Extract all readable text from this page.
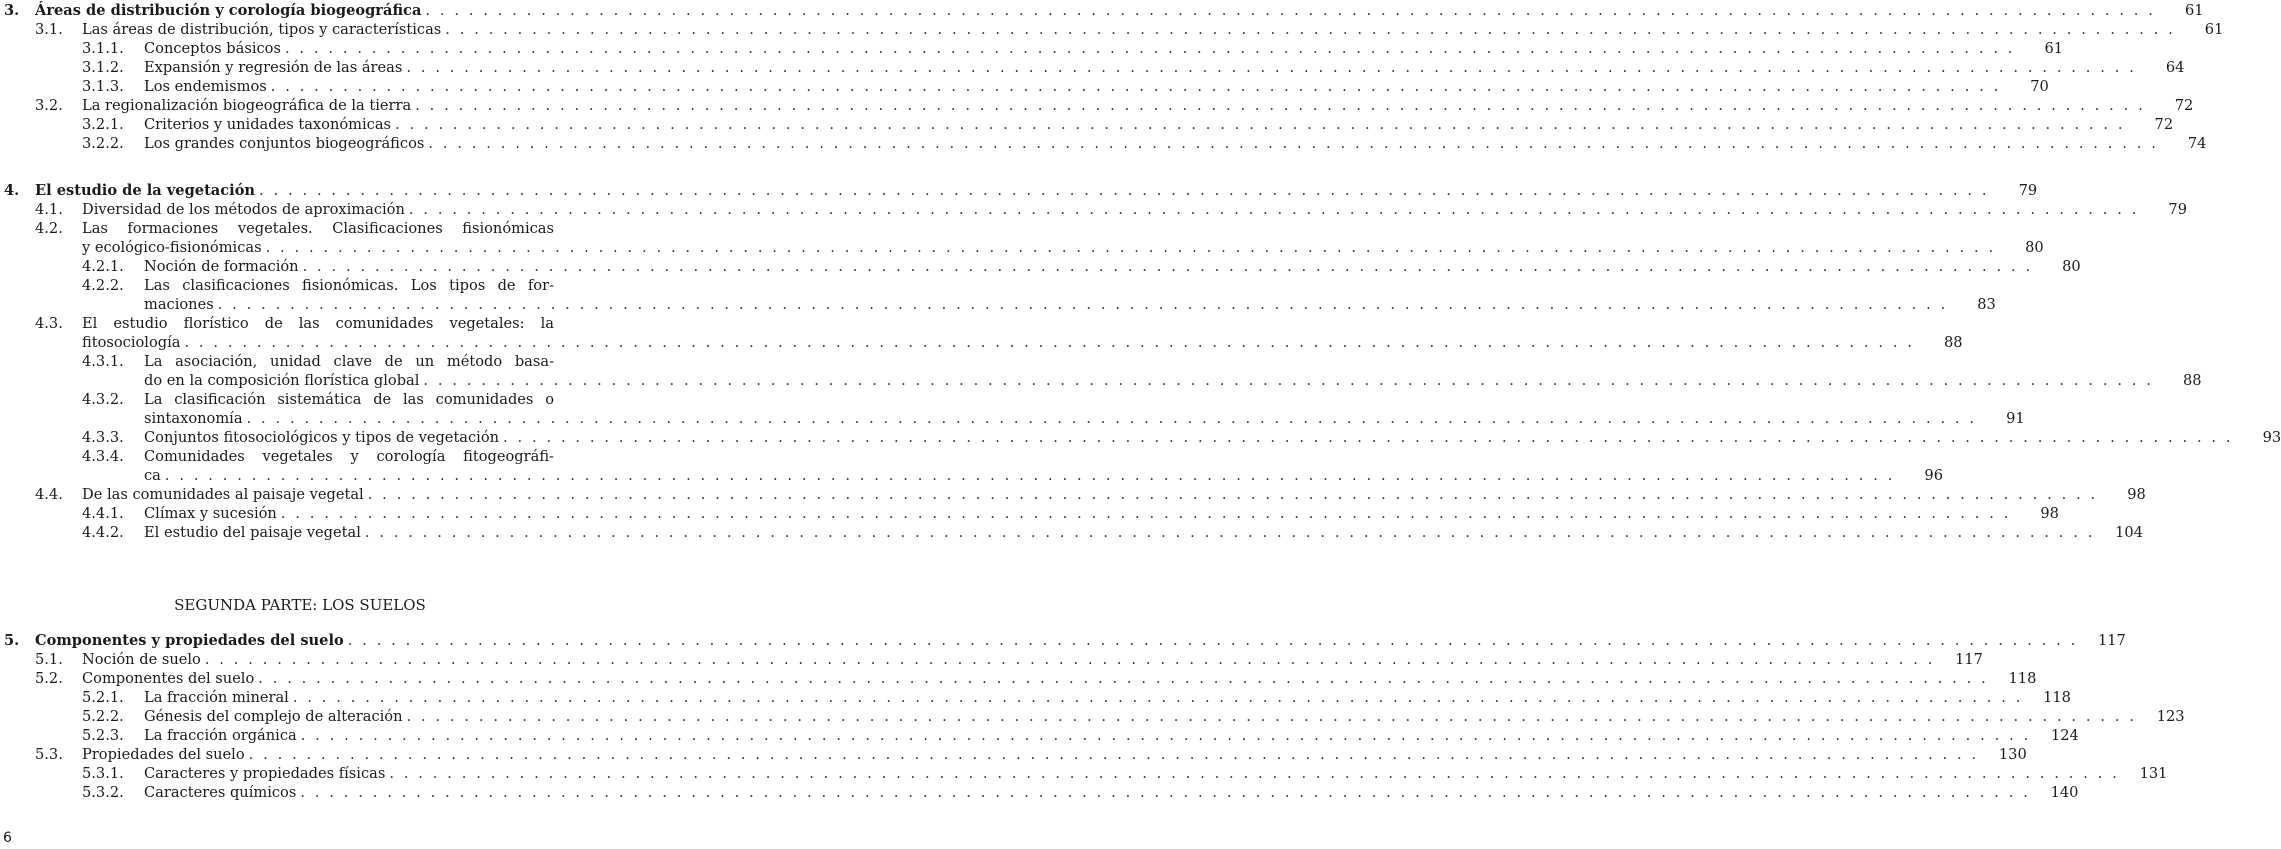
3. Áreas de distribución y corología biogeográfica . . . . . . . . . . . . . . . . . . . . . . . . . . . . . . . . . . . . . . . . . . . . . . . . . . . . . . . . . . . . . . . . . . . . . . . . . . . . . . . . . . . . . . . . . . . . . . . . . . . . . . . . . . . . . . . . . . . . . . . .	61
3.1. Las áreas de distribución, tipos y características . . . . . . . . . . . . . . . . . . . . . . . . . . . . . . . . . . . . . . . . . . . . . . . . . . . . . . . . . . . . . . . . . . . . . . . . . . . . . . . . . . . . . . . . . . . . . . . . . . . . . . . . . . . . . . . . . . . . . . . .	61
3.1.1. Conceptos básicos . . . . . . . . . . . . . . . . . . . . . . . . . . . . . . . . . . . . . . . . . . . . . . . . . . . . . . . . . . . . . . . . . . . . . . . . . . . . . . . . . . . . . . . . . . . . . . . . . . . . . . . . . . . . . . . . . . . . . . . .	61
3.1.2. Expansión y regresión de las áreas . . . . . . . . . . . . . . . . . . . . . . . . . . . . . . . . . . . . . . . . . . . . . . . . . . . . . . . . . . . . . . . . . . . . . . . . . . . . . . . . . . . . . . . . . . . . . . . . . . . . . . . . . . . . . . . . . . . . . . . .	64
3.1.3. Los endemismos . . . . . . . . . . . . . . . . . . . . . . . . . . . . . . . . . . . . . . . . . . . . . . . . . . . . . . . . . . . . . . . . . . . . . . . . . . . . . . . . . . . . . . . . . . . . . . . . . . . . . . . . . . . . . . . . . . . . . . . .	70
3.2. La regionalización biogeográfica de la tierra . . . . . . . . . . . . . . . . . . . . . . . . . . . . . . . . . . . . . . . . . . . . . . . . . . . . . . . . . . . . . . . . . . . . . . . . . . . . . . . . . . . . . . . . . . . . . . . . . . . . . . . . . . . . . . . . . . . . . . . .	72
3.2.1. Criterios y unidades taxonómicas . . . . . . . . . . . . . . . . . . . . . . . . . . . . . . . . . . . . . . . . . . . . . . . . . . . . . . . . . . . . . . . . . . . . . . . . . . . . . . . . . . . . . . . . . . . . . . . . . . . . . . . . . . . . . . . . . . . . . . . .	72
3.2.2. Los grandes conjuntos biogeográficos . . . . . . . . . . . . . . . . . . . . . . . . . . . . . . . . . . . . . . . . . . . . . . . . . . . . . . . . . . . . . . . . . . . . . . . . . . . . . . . . . . . . . . . . . . . . . . . . . . . . . . . . . . . . . . . . . . . . . . . .	74
4. El estudio de la vegetación . . . . . . . . . . . . . . . . . . . . . . . . . . . . . . . . . . . . . . . . . . . . . . . . . . . . . . . . . . . . . . . . . . . . . . . . . . . . . . . . . . . . . . . . . . . . . . . . . . . . . . . . . . . . . . . . . . . . . . . .	79
4.1. Diversidad de los métodos de aproximación . . . . . . . . . . . . . . . . . . . . . . . . . . . . . . . . . . . . . . . . . . . . . . . . . . . . . . . . . . . . . . . . . . . . . . . . . . . . . . . . . . . . . . . . . . . . . . . . . . . . . . . . . . . . . . . . . . . . . . . .	79
4.2. Las formaciones vegetales. Clasificaciones fisionómicas
y ecológico-fisionómicas . . . . . . . . . . . . . . . . . . . . . . . . . . . . . . . . . . . . . . . . . . . . . . . . . . . . . . . . . . . . . . . . . . . . . . . . . . . . . . . . . . . . . . . . . . . . . . . . . . . . . . . . . . . . . . . . . . . . . . . .	80
4.2.1. Noción de formación . . . . . . . . . . . . . . . . . . . . . . . . . . . . . . . . . . . . . . . . . . . . . . . . . . . . . . . . . . . . . . . . . . . . . . . . . . . . . . . . . . . . . . . . . . . . . . . . . . . . . . . . . . . . . . . . . . . . . . . .	80
4.2.2. Las clasificaciones fisionómicas. Los tipos de for-
maciones . . . . . . . . . . . . . . . . . . . . . . . . . . . . . . . . . . . . . . . . . . . . . . . . . . . . . . . . . . . . . . . . . . . . . . . . . . . . . . . . . . . . . . . . . . . . . . . . . . . . . . . . . . . . . . . . . . . . . . . .	83
4.3. El estudio florístico de las comunidades vegetales: la
fitosociología . . . . . . . . . . . . . . . . . . . . . . . . . . . . . . . . . . . . . . . . . . . . . . . . . . . . . . . . . . . . . . . . . . . . . . . . . . . . . . . . . . . . . . . . . . . . . . . . . . . . . . . . . . . . . . . . . . . . . . . .	88
4.3.1. La asociación, unidad clave de un método basa-
do en la composición florística global . . . . . . . . . . . . . . . . . . . . . . . . . . . . . . . . . . . . . . . . . . . . . . . . . . . . . . . . . . . . . . . . . . . . . . . . . . . . . . . . . . . . . . . . . . . . . . . . . . . . . . . . . . . . . . . . . . . . . . . .	88
4.3.2. La clasificación sistemática de las comunidades o
sintaxonomía . . . . . . . . . . . . . . . . . . . . . . . . . . . . . . . . . . . . . . . . . . . . . . . . . . . . . . . . . . . . . . . . . . . . . . . . . . . . . . . . . . . . . . . . . . . . . . . . . . . . . . . . . . . . . . . . . . . . . . . .	91
4.3.3. Conjuntos fitosociológicos y tipos de vegetación . . . . . . . . . . . . . . . . . . . . . . . . . . . . . . . . . . . . . . . . . . . . . . . . . . . . . . . . . . . . . . . . . . . . . . . . . . . . . . . . . . . . . . . . . . . . . . . . . . . . . . . . . . . . . . . . . . . . . . . .	93
4.3.4. Comunidades vegetales y corología fitogeográfi-
ca . . . . . . . . . . . . . . . . . . . . . . . . . . . . . . . . . . . . . . . . . . . . . . . . . . . . . . . . . . . . . . . . . . . . . . . . . . . . . . . . . . . . . . . . . . . . . . . . . . . . . . . . . . . . . . . . . . . . . . . .	96
4.4. De las comunidades al paisaje vegetal . . . . . . . . . . . . . . . . . . . . . . . . . . . . . . . . . . . . . . . . . . . . . . . . . . . . . . . . . . . . . . . . . . . . . . . . . . . . . . . . . . . . . . . . . . . . . . . . . . . . . . . . . . . . . . . . . . . . . . . .	98
4.4.1. Clímax y sucesión . . . . . . . . . . . . . . . . . . . . . . . . . . . . . . . . . . . . . . . . . . . . . . . . . . . . . . . . . . . . . . . . . . . . . . . . . . . . . . . . . . . . . . . . . . . . . . . . . . . . . . . . . . . . . . . . . . . . . . . .	98
4.4.2. El estudio del paisaje vegetal . . . . . . . . . . . . . . . . . . . . . . . . . . . . . . . . . . . . . . . . . . . . . . . . . . . . . . . . . . . . . . . . . . . . . . . . . . . . . . . . . . . . . . . . . . . . . . . . . . . . . . . . . . . . . . . . . . . . . . . .	104
5. Componentes y propiedades del suelo . . . . . . . . . . . . . . . . . . . . . . . . . . . . . . . . . . . . . . . . . . . . . . . . . . . . . . . . . . . . . . . . . . . . . . . . . . . . . . . . . . . . . . . . . . . . . . . . . . . . . . . . . . . . . . . . . . . . . . . .	117
5.1. Noción de suelo . . . . . . . . . . . . . . . . . . . . . . . . . . . . . . . . . . . . . . . . . . . . . . . . . . . . . . . . . . . . . . . . . . . . . . . . . . . . . . . . . . . . . . . . . . . . . . . . . . . . . . . . . . . . . . . . . . . . . . . .	117
5.2. Componentes del suelo . . . . . . . . . . . . . . . . . . . . . . . . . . . . . . . . . . . . . . . . . . . . . . . . . . . . . . . . . . . . . . . . . . . . . . . . . . . . . . . . . . . . . . . . . . . . . . . . . . . . . . . . . . . . . . . . . . . . . . . .	118
5.2.1. La fracción mineral . . . . . . . . . . . . . . . . . . . . . . . . . . . . . . . . . . . . . . . . . . . . . . . . . . . . . . . . . . . . . . . . . . . . . . . . . . . . . . . . . . . . . . . . . . . . . . . . . . . . . . . . . . . . . . . . . . . . . . . .	118
5.2.2. Génesis del complejo de alteración . . . . . . . . . . . . . . . . . . . . . . . . . . . . . . . . . . . . . . . . . . . . . . . . . . . . . . . . . . . . . . . . . . . . . . . . . . . . . . . . . . . . . . . . . . . . . . . . . . . . . . . . . . . . . . . . . . . . . . . .	123
5.2.3. La fracción orgánica . . . . . . . . . . . . . . . . . . . . . . . . . . . . . . . . . . . . . . . . . . . . . . . . . . . . . . . . . . . . . . . . . . . . . . . . . . . . . . . . . . . . . . . . . . . . . . . . . . . . . . . . . . . . . . . . . . . . . . . .	124
5.3. Propiedades del suelo . . . . . . . . . . . . . . . . . . . . . . . . . . . . . . . . . . . . . . . . . . . . . . . . . . . . . . . . . . . . . . . . . . . . . . . . . . . . . . . . . . . . . . . . . . . . . . . . . . . . . . . . . . . . . . . . . . . . . . . .	130
5.3.1. Caracteres y propiedades físicas . . . . . . . . . . . . . . . . . . . . . . . . . . . . . . . . . . . . . . . . . . . . . . . . . . . . . . . . . . . . . . . . . . . . . . . . . . . . . . . . . . . . . . . . . . . . . . . . . . . . . . . . . . . . . . . . . . . . . . . .	131
5.3.2. Caracteres químicos . . . . . . . . . . . . . . . . . . . . . . . . . . . . . . . . . . . . . . . . . . . . . . . . . . . . . . . . . . . . . . . . . . . . . . . . . . . . . . . . . . . . . . . . . . . . . . . . . . . . . . . . . . . . . . . . . . . . . . . .	140
SEGUNDA PARTE: LOS SUELOS
6
